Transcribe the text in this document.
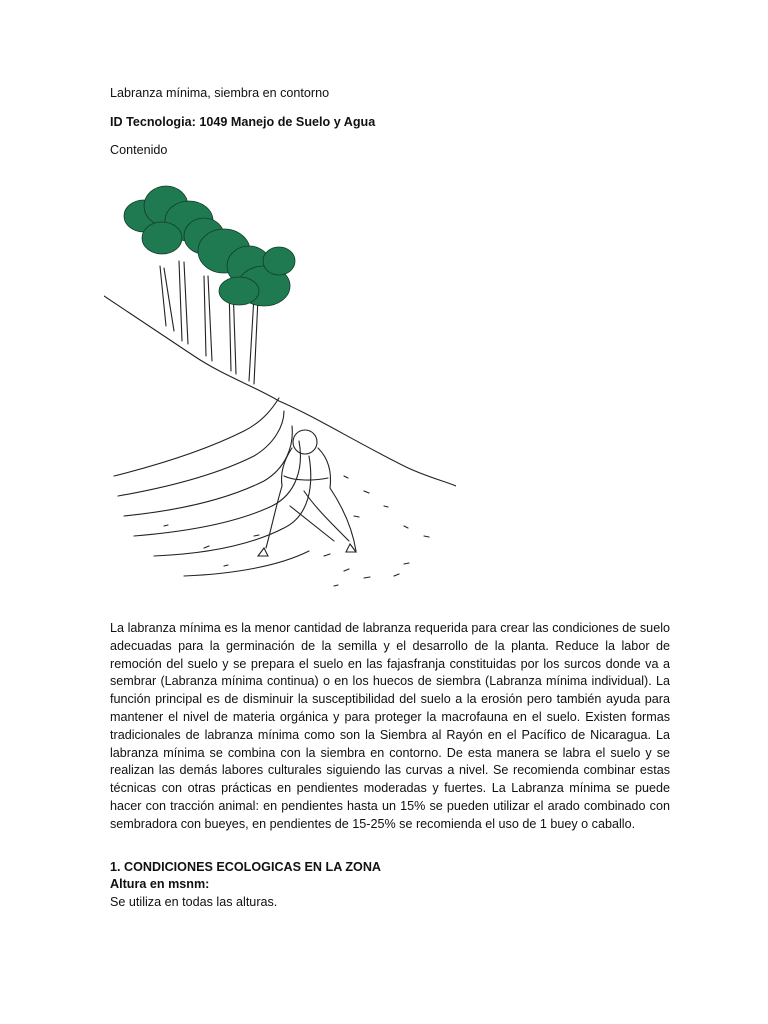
Labranza mínima, siembra en contorno
ID Tecnologia: 1049 Manejo de Suelo y Agua
Contenido
La labranza mínima es la menor cantidad de labranza requerida para crear las condiciones de suelo adecuadas para la germinación de la semilla y el desarrollo de la planta. Reduce la labor de remoción del suelo y se prepara el suelo en las fajasfranja constituidas por los surcos donde va a sembrar (Labranza mínima continua) o en los huecos de siembra (Labranza mínima individual). La función principal es de disminuir la susceptibilidad del suelo a la erosión pero también ayuda para mantener el nivel de materia orgánica y para proteger la macrofauna en el suelo. Existen formas tradicionales de labranza mínima como son la Siembra al Rayón en el Pacífico de Nicaragua. La labranza mínima se combina con la siembra en contorno. De esta manera se labra el suelo y se realizan las demás labores culturales siguiendo las curvas a nivel. Se recomienda combinar estas técnicas con otras prácticas en pendientes moderadas y fuertes. La Labranza mínima se puede hacer con tracción animal: en pendientes hasta un 15% se pueden utilizar el arado combinado con sembradora con bueyes, en pendientes de 15-25% se recomienda el uso de 1 buey o caballo.
1. CONDICIONES ECOLOGICAS EN LA ZONA
Altura en msnm:
Se utiliza en todas las alturas.
